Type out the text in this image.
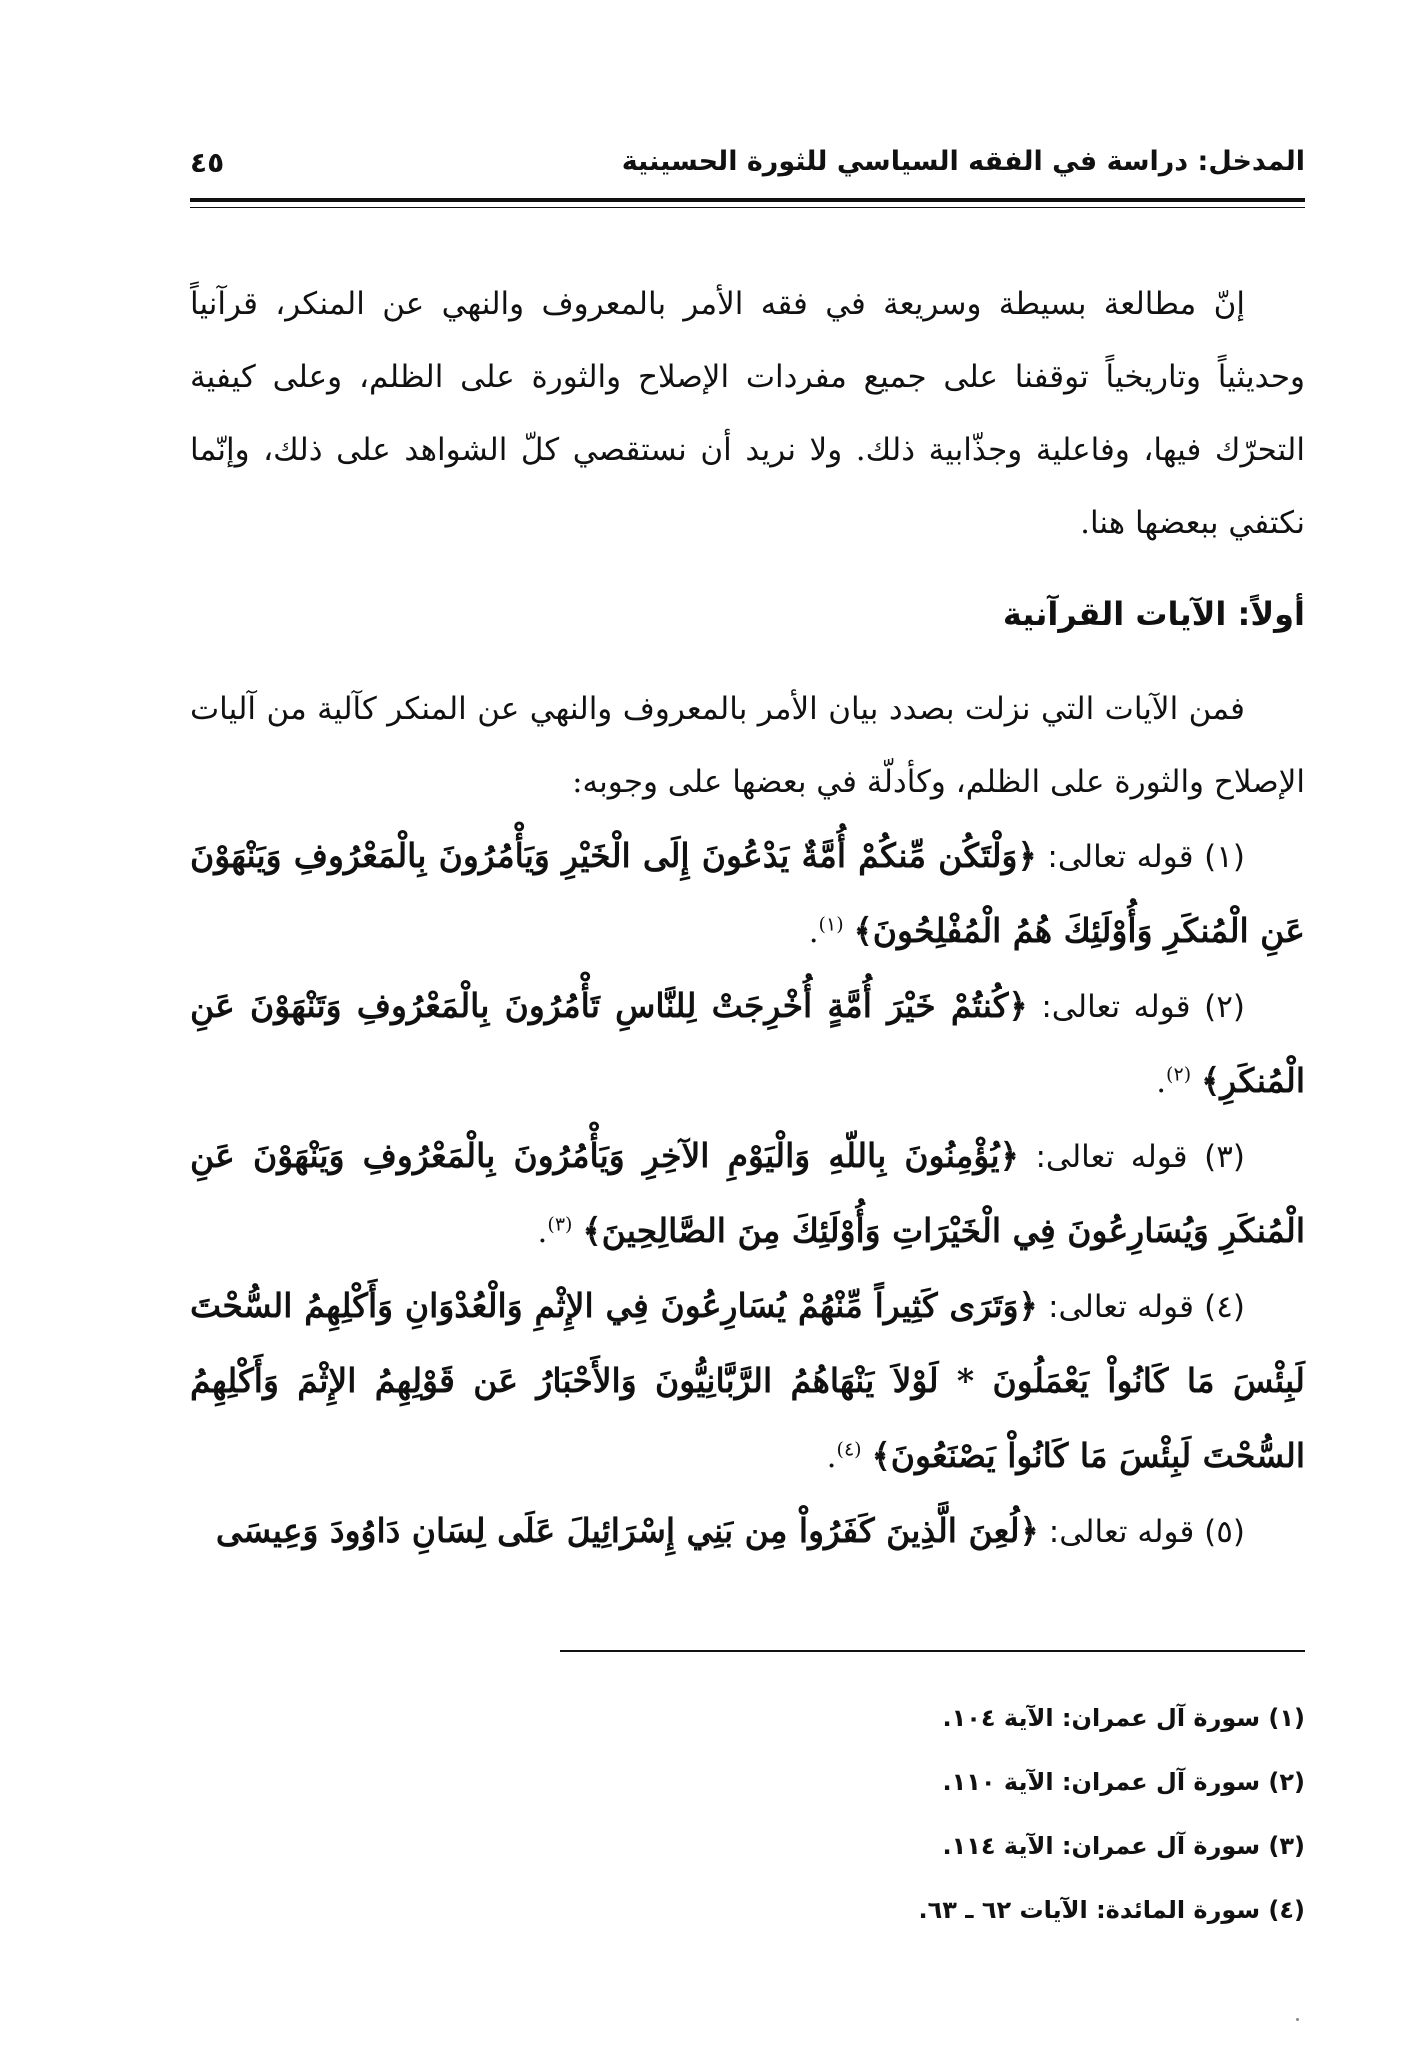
المدخل: دراسة في الفقه السياسي للثورة الحسينية
٤٥

إنّ مطالعة بسيطة وسريعة في فقه الأمر بالمعروف والنهي عن المنكر، قرآنياً وحديثياً وتاريخياً توقفنا على جميع مفردات الإصلاح والثورة على الظلم، وعلى كيفية التحرّك فيها، وفاعلية وجذّابية ذلك. ولا نريد أن نستقصي كلّ الشواهد على ذلك، وإنّما نكتفي ببعضها هنا.

أولاً: الآيات القرآنية

فمن الآيات التي نزلت بصدد بيان الأمر بالمعروف والنهي عن المنكر كآلية من آليات الإصلاح والثورة على الظلم، وكأدلّة في بعضها على وجوبه:

(١) قوله تعالى: ﴿وَلْتَكُن مِّنكُمْ أُمَّةٌ يَدْعُونَ إِلَى الْخَيْرِ وَيَأْمُرُونَ بِالْمَعْرُوفِ وَيَنْهَوْنَ عَنِ الْمُنكَرِ وَأُوْلَئِكَ هُمُ الْمُفْلِحُونَ﴾ $^{(١)}$.

(٢) قوله تعالى: ﴿كُنتُمْ خَيْرَ أُمَّةٍ أُخْرِجَتْ لِلنَّاسِ تَأْمُرُونَ بِالْمَعْرُوفِ وَتَنْهَوْنَ عَنِ الْمُنكَرِ﴾ $^{(٢)}$.

(٣) قوله تعالى: ﴿يُؤْمِنُونَ بِاللّهِ وَالْيَوْمِ الآخِرِ وَيَأْمُرُونَ بِالْمَعْرُوفِ وَيَنْهَوْنَ عَنِ الْمُنكَرِ وَيُسَارِعُونَ فِي الْخَيْرَاتِ وَأُوْلَئِكَ مِنَ الصَّالِحِينَ﴾ $^{(٣)}$.

(٤) قوله تعالى: ﴿وَتَرَى كَثِيراً مِّنْهُمْ يُسَارِعُونَ فِي الإِثْمِ وَالْعُدْوَانِ وَأَكْلِهِمُ السُّحْتَ لَبِئْسَ مَا كَانُواْ يَعْمَلُونَ * لَوْلاَ يَنْهَاهُمُ الرَّبَّانِيُّونَ وَالأَحْبَارُ عَن قَوْلِهِمُ الإِثْمَ وَأَكْلِهِمُ السُّحْتَ لَبِئْسَ مَا كَانُواْ يَصْنَعُونَ﴾ $^{(٤)}$.

(٥) قوله تعالى: ﴿لُعِنَ الَّذِينَ كَفَرُواْ مِن بَنِي إِسْرَائِيلَ عَلَى لِسَانِ دَاوُودَ وَعِيسَى

(١) سورة آل عمران: الآية ١٠٤.

(٢) سورة آل عمران: الآية ١١٠.

(٣) سورة آل عمران: الآية ١١٤.

(٤) سورة المائدة: الآيات ٦٢ ـ ٦٣.
